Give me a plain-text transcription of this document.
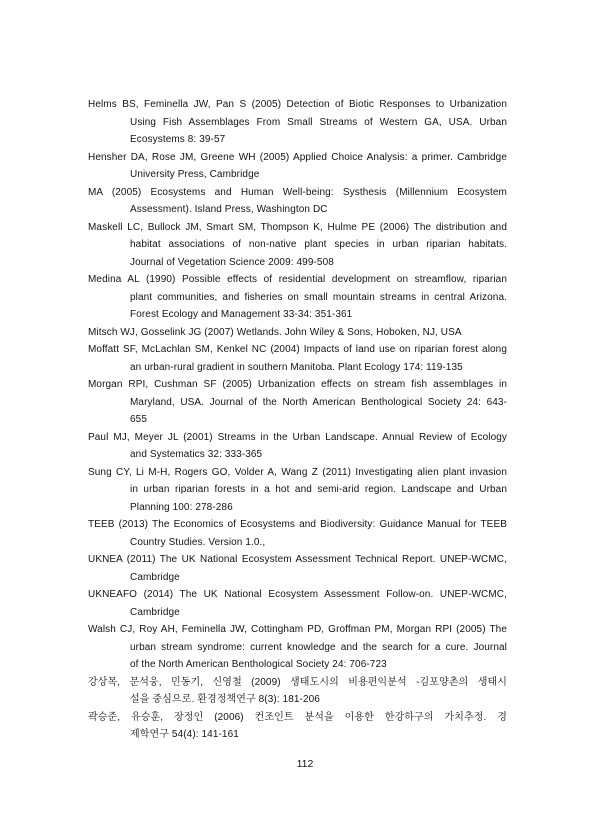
Helms BS, Feminella JW, Pan S (2005) Detection of Biotic Responses to Urbanization
Using Fish Assemblages From Small Streams of Western GA, USA. Urban
Ecosystems 8: 39-57
Hensher DA, Rose JM, Greene WH (2005) Applied Choice Analysis: a primer. Cambridge
University Press, Cambridge
MA (2005) Ecosystems and Human Well-being: Systhesis (Millennium Ecosystem
Assessment). Island Press, Washington DC
Maskell LC, Bullock JM, Smart SM, Thompson K, Hulme PE (2006) The distribution and
habitat associations of non-native plant species in urban riparian habitats.
Journal of Vegetation Science 2009: 499-508
Medina AL (1990) Possible effects of residential development on streamflow, riparian
plant communities, and fisheries on small mountain streams in central Arizona.
Forest Ecology and Management 33-34: 351-361
Mitsch WJ, Gosselink JG (2007) Wetlands. John Wiley & Sons, Hoboken, NJ, USA
Moffatt SF, McLachlan SM, Kenkel NC (2004) Impacts of land use on riparian forest along
an urban-rural gradient in southern Manitoba. Plant Ecology 174: 119-135
Morgan RPI, Cushman SF (2005) Urbanization effects on stream fish assemblages in
Maryland, USA. Journal of the North American Benthological Society 24: 643-
655
Paul MJ, Meyer JL (2001) Streams in the Urban Landscape. Annual Review of Ecology
and Systematics 32: 333-365
Sung CY, Li M-H, Rogers GO, Volder A, Wang Z (2011) Investigating alien plant invasion
in urban riparian forests in a hot and semi-arid region. Landscape and Urban
Planning 100: 278-286
TEEB (2013) The Economics of Ecosystems and Biodiversity: Guidance Manual for TEEB
Country Studies. Version 1.0.,
UKNEA (2011) The UK National Ecosystem Assessment Technical Report. UNEP-WCMC,
Cambridge
UKNEAFO (2014) The UK National Ecosystem Assessment Follow-on. UNEP-WCMC,
Cambridge
Walsh CJ, Roy AH, Feminella JW, Cottingham PD, Groffman PM, Morgan RPI (2005) The
urban stream syndrome: current knowledge and the search for a cure. Journal
of the North American Benthological Society 24: 706-723
강상목, 문석웅, 민동기, 신영철 (2009) 생태도시의 비용편익분석 -김포양촌의 생태시
설을 중심으로. 환경정책연구 8(3): 181-206
곽승준, 유승훈, 장정인 (2006) 컨조인트 분석을 이용한 한강하구의 가치추정. 경
제학연구 54(4): 141-161
112
